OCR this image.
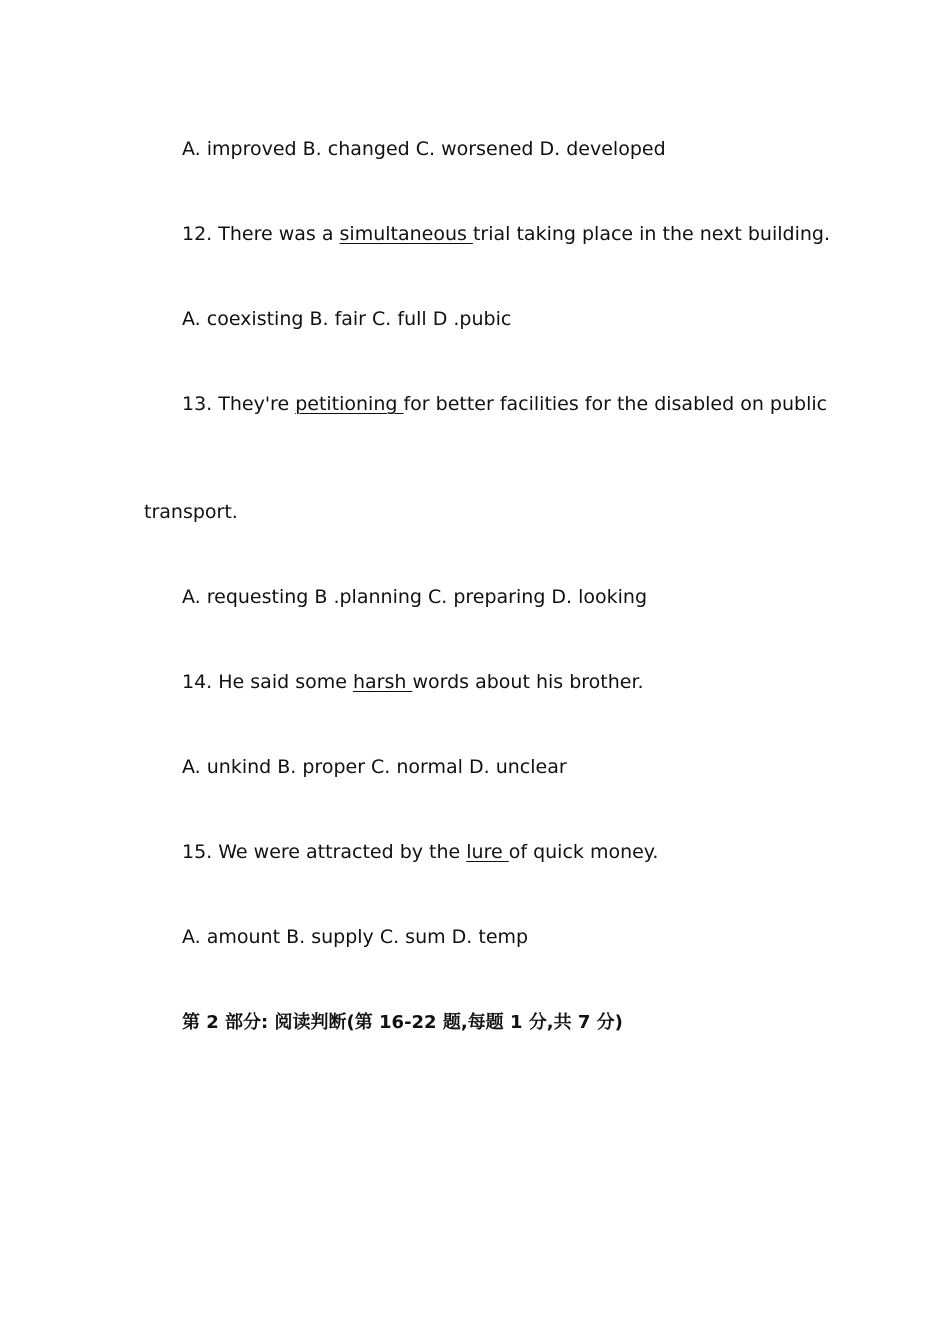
A. improved B. changed C. worsened D. developed
12. There was a simultaneous trial taking place in the next building.
A. coexisting B. fair C. full D .pubic
13. They're petitioning for better facilities for the disabled on public
transport.
A. requesting B .planning C. preparing D. looking
14. He said some harsh words about his brother.
A. unkind B. proper C. normal D. unclear
15. We were attracted by the lure of quick money.
A. amount B. supply C. sum D. temp
第 2 部分: 阅读判断(第 16-22 题,每题 1 分,共 7 分)
